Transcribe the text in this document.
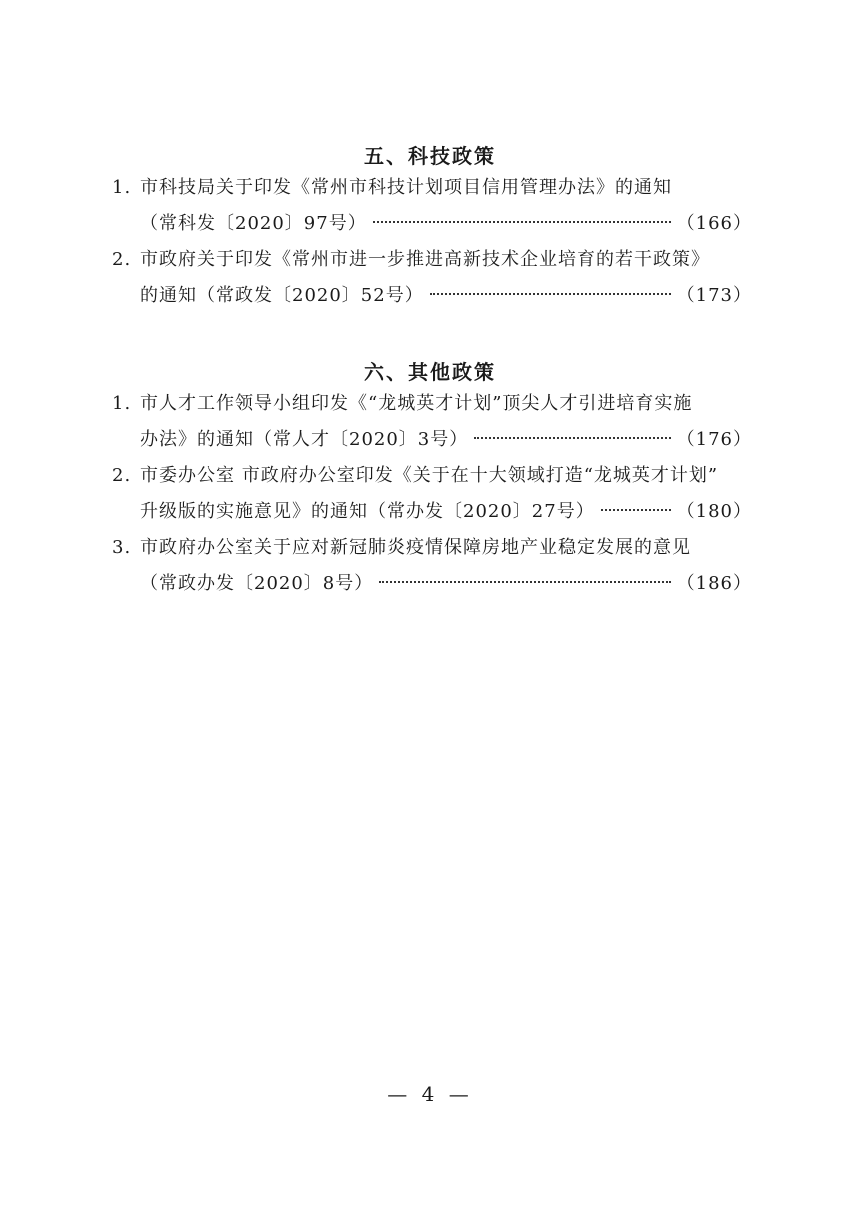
五、科技政策
1. 市科技局关于印发《常州市科技计划项目信用管理办法》的通知
（常科发〔2020〕97号）	（166）
2. 市政府关于印发《常州市进一步推进高新技术企业培育的若干政策》
的通知（常政发〔2020〕52号）	（173）
六、其他政策
1. 市人才工作领导小组印发《“龙城英才计划”顶尖人才引进培育实施
办法》的通知（常人才〔2020〕3号）	（176）
2. 市委办公室 市政府办公室印发《关于在十大领域打造“龙城英才计划”
升级版的实施意见》的通知（常办发〔2020〕27号）	（180）
3. 市政府办公室关于应对新冠肺炎疫情保障房地产业稳定发展的意见
（常政办发〔2020〕8号）	（186）
— 4 —
